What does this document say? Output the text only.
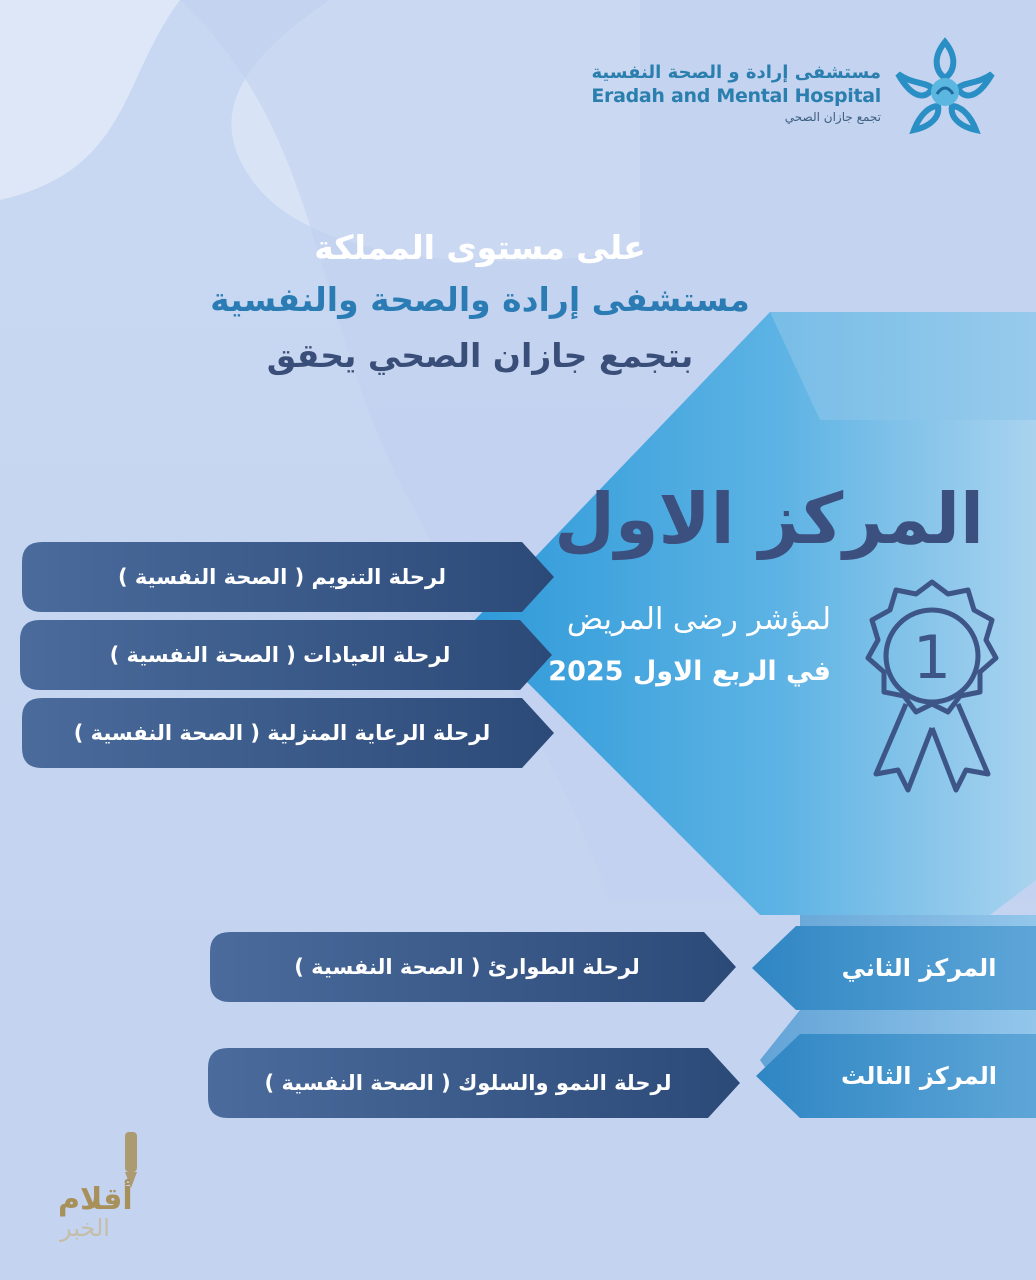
مستشفى إرادة و الصحة النفسية
Eradah and Mental Hospital
تجمع جازان الصحي
على مستوى المملكة
مستشفى إرادة والصحة والنفسية
بتجمع جازان الصحي يحقق
المركز الاول
لمؤشر رضى المريض
في الربع الاول 2025 1
لرحلة التنويم ( الصحة النفسية )
لرحلة العيادات ( الصحة النفسية )
لرحلة الرعاية المنزلية ( الصحة النفسية )
لرحلة الطوارئ ( الصحة النفسية )	المركز الثاني
لرحلة النمو والسلوك ( الصحة النفسية )	المركز الثالث
أقلام
الخبر
